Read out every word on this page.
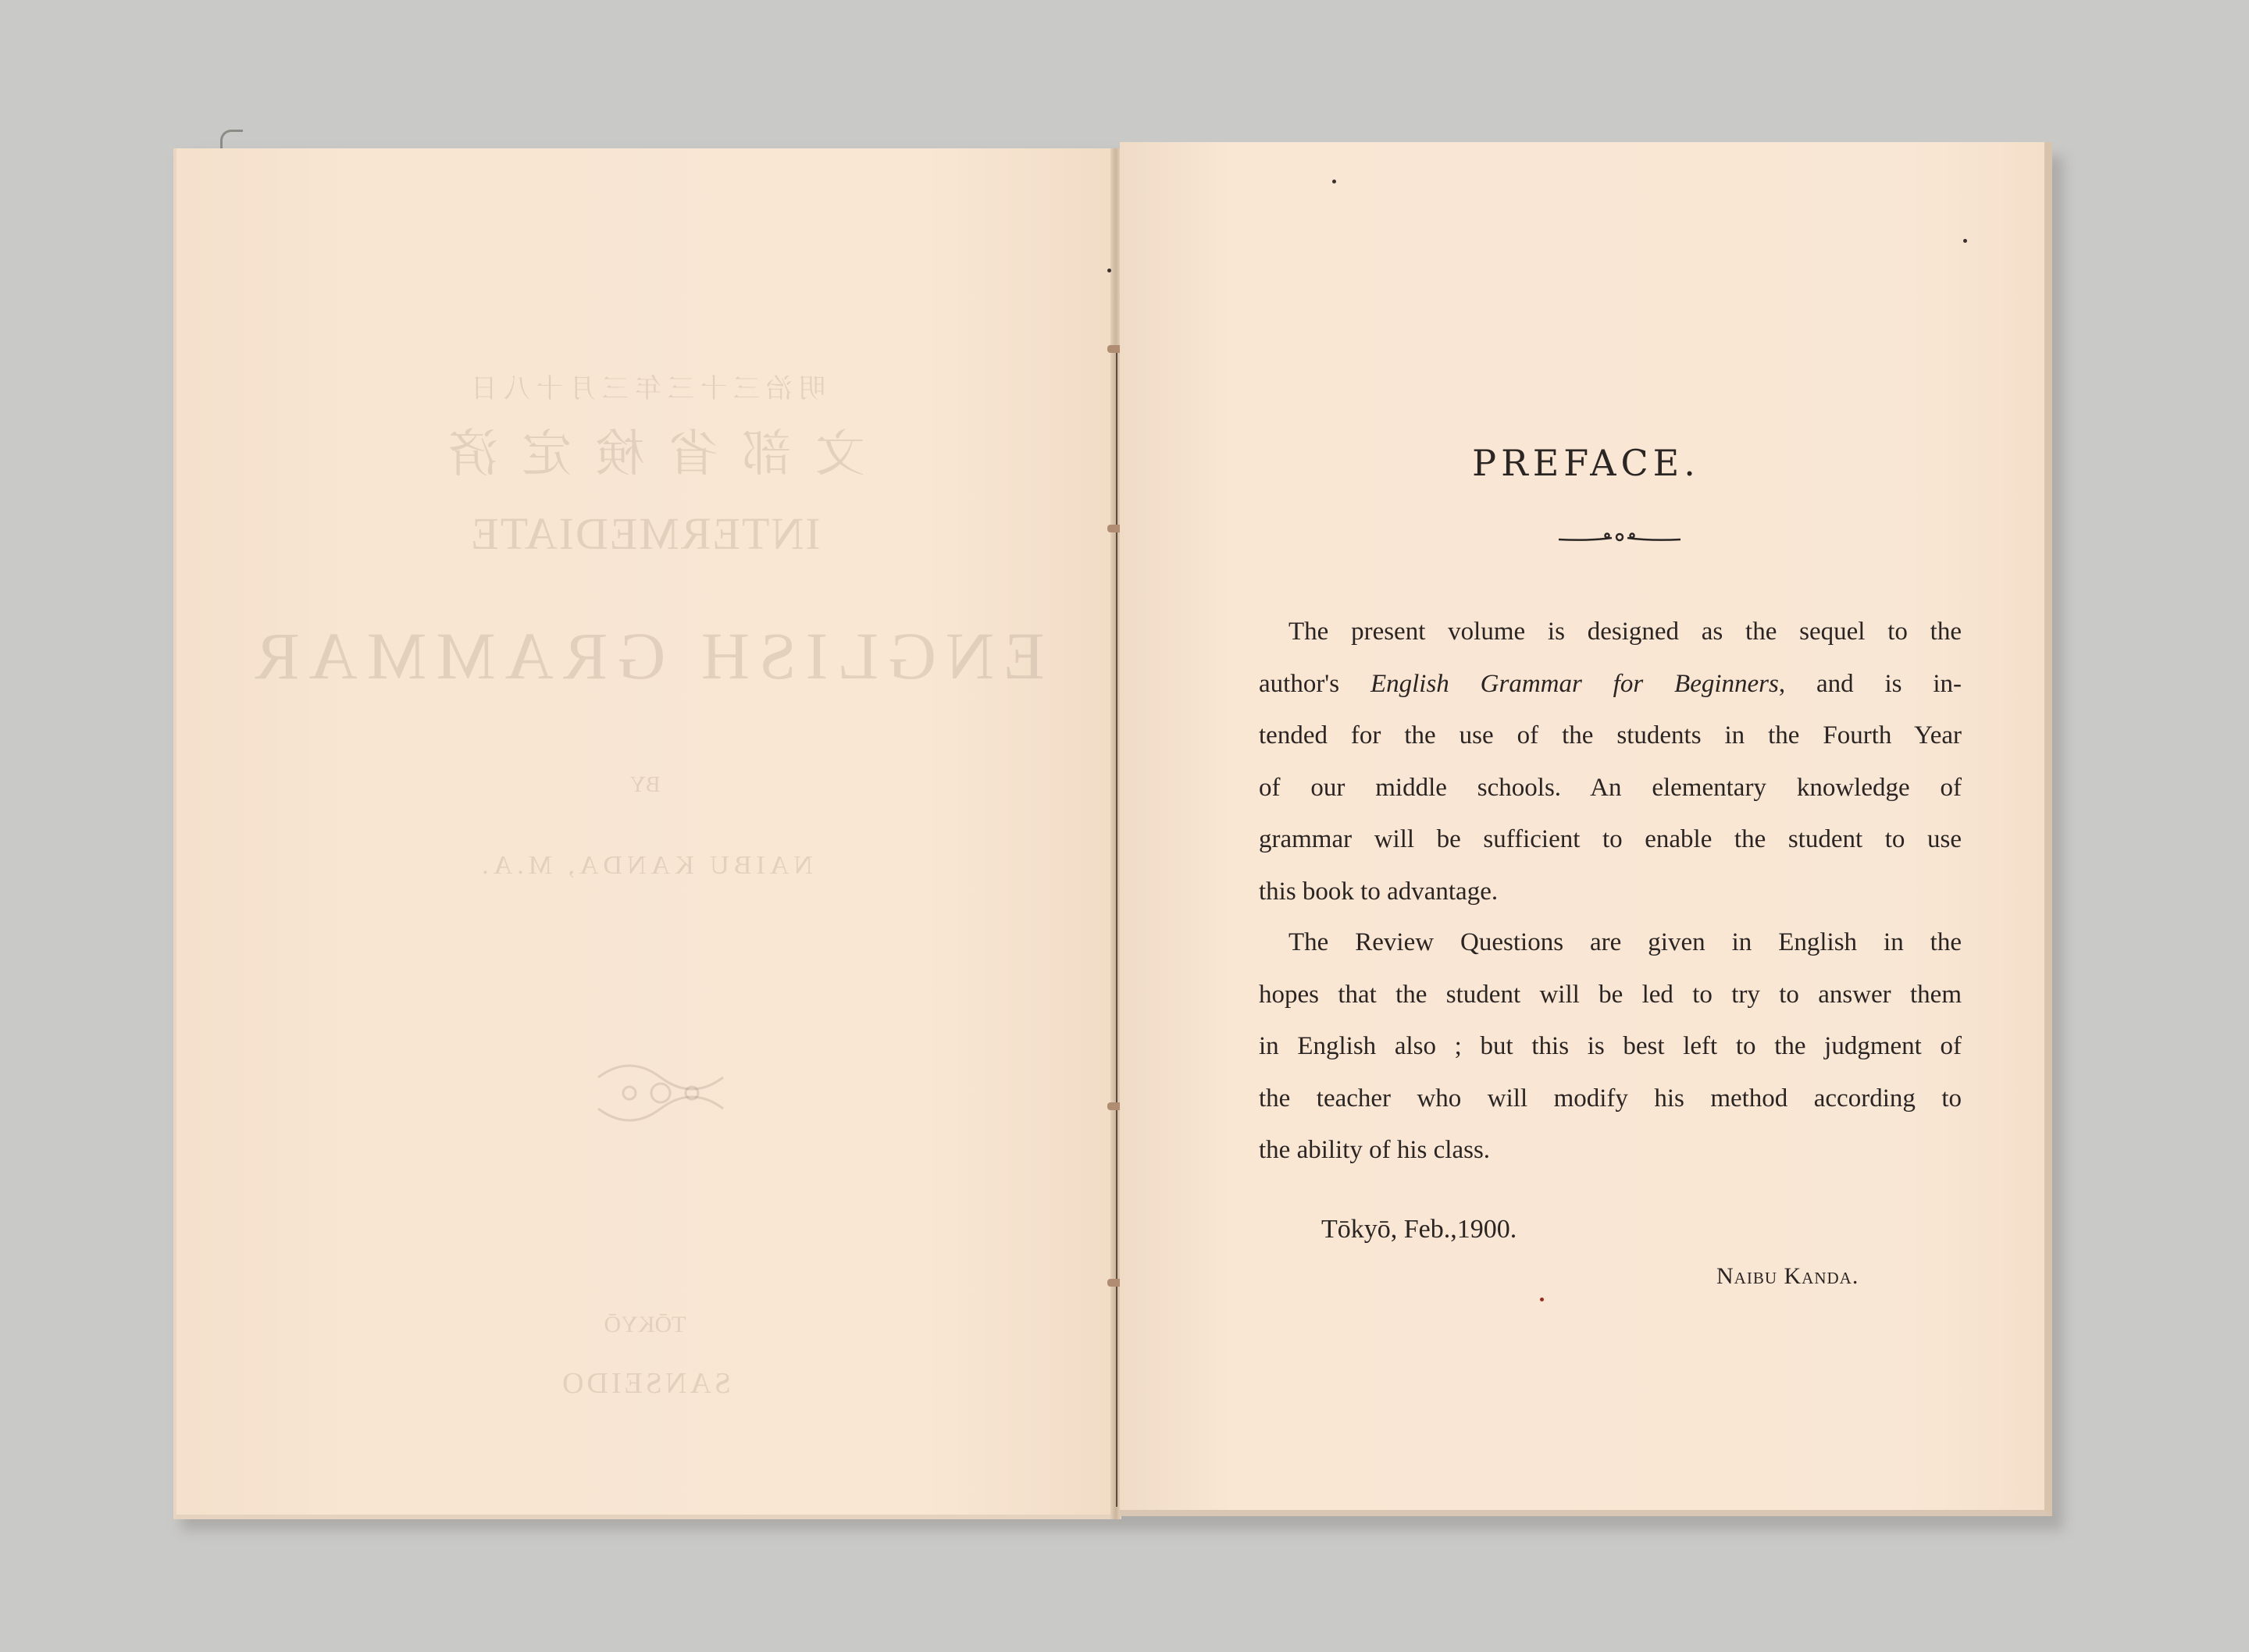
明治三十三年三月十八日
文部省検定済
INTERMEDIATE
ENGLISH GRAMMAR
BY
NAIBU KANDA, M.A.
TŌKYŌ
SANSEIDO
PREFACE.
The present volume is designed as the sequel to the
author's English Grammar for Beginners, and is in-
tended for the use of the students in the Fourth Year
of our middle schools. An elementary knowledge of
grammar will be sufficient to enable the student to use
this book to advantage.
The Review Questions are given in English in the
hopes that the student will be led to try to answer them
in English also ; but this is best left to the judgment of
the teacher who will modify his method according to
the ability of his class.
Tōkyō, Feb.,1900.
Naibu Kanda.
